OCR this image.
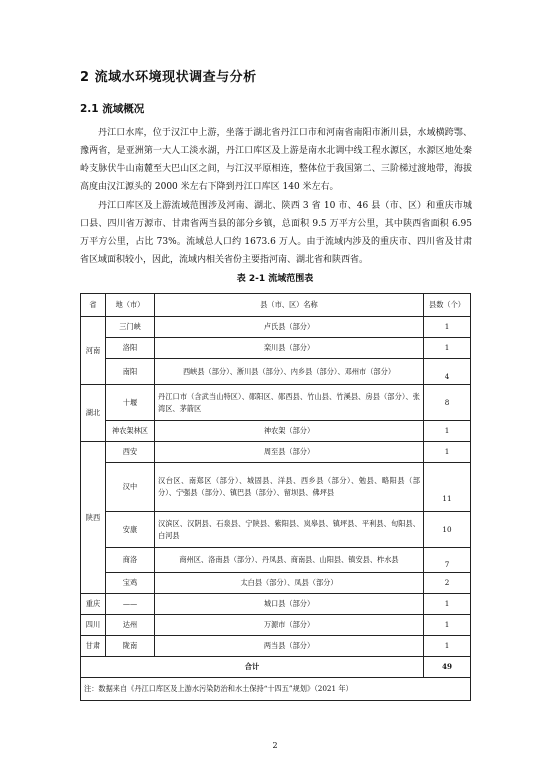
2 流域水环境现状调查与分析
2.1 流域概况
丹江口水库，位于汉江中上游，坐落于湖北省丹江口市和河南省南阳市淅川县，水域横跨鄂、豫两省，是亚洲第一大人工淡水湖，丹江口库区及上游是南水北调中线工程水源区，水源区地处秦岭支脉伏牛山南麓至大巴山区之间，与江汉平原相连，整体位于我国第二、三阶梯过渡地带，海拔高度由汉江源头的 2000 米左右下降到丹江口库区 140 米左右。
丹江口库区及上游流域范围涉及河南、湖北、陕西 3 省 10 市、46 县（市、区）和重庆市城口县、四川省万源市、甘肃省两当县的部分乡镇，总面积 9.5 万平方公里，其中陕西省面积 6.95 万平方公里，占比 73%。流域总人口约 1673.6 万人。由于流域内涉及的重庆市、四川省及甘肃省区域面积较小，因此，流域内相关省份主要指河南、湖北省和陕西省。
表 2-1 流域范围表
省	地（市）	县（市、区）名称	县数（个）
河南	三门峡	卢氏县（部分）	1
	洛阳	栾川县（部分）	1
	南阳	西峡县（部分）、淅川县（部分）、内乡县（部分）、邓州市（部分）	4
湖北	十堰	丹江口市（含武当山特区）、郧阳区、郧西县、竹山县、竹溪县、房县（部分）、张湾区、茅箭区	8
	神农架林区	神农架（部分）	1
陕西	西安	周至县（部分）	1
	汉中	汉台区、南郑区（部分）、城固县、洋县、西乡县（部分）、勉县、略阳县（部分）、宁强县（部分）、镇巴县（部分）、留坝县、佛坪县	11
	安康	汉滨区、汉阴县、石泉县、宁陕县、紫阳县、岚皋县、镇坪县、平利县、旬阳县、白河县	10
	商洛	商州区、洛南县（部分）、丹凤县、商南县、山阳县、镇安县、柞水县	7
	宝鸡	太白县（部分）、凤县（部分）	2
重庆	——	城口县（部分）	1
四川	达州	万源市（部分）	1
甘肃	陇南	两当县（部分）	1
合计			49
注：数据来自《丹江口库区及上游水污染防治和水土保持“十四五”规划》（2021 年）			
2
